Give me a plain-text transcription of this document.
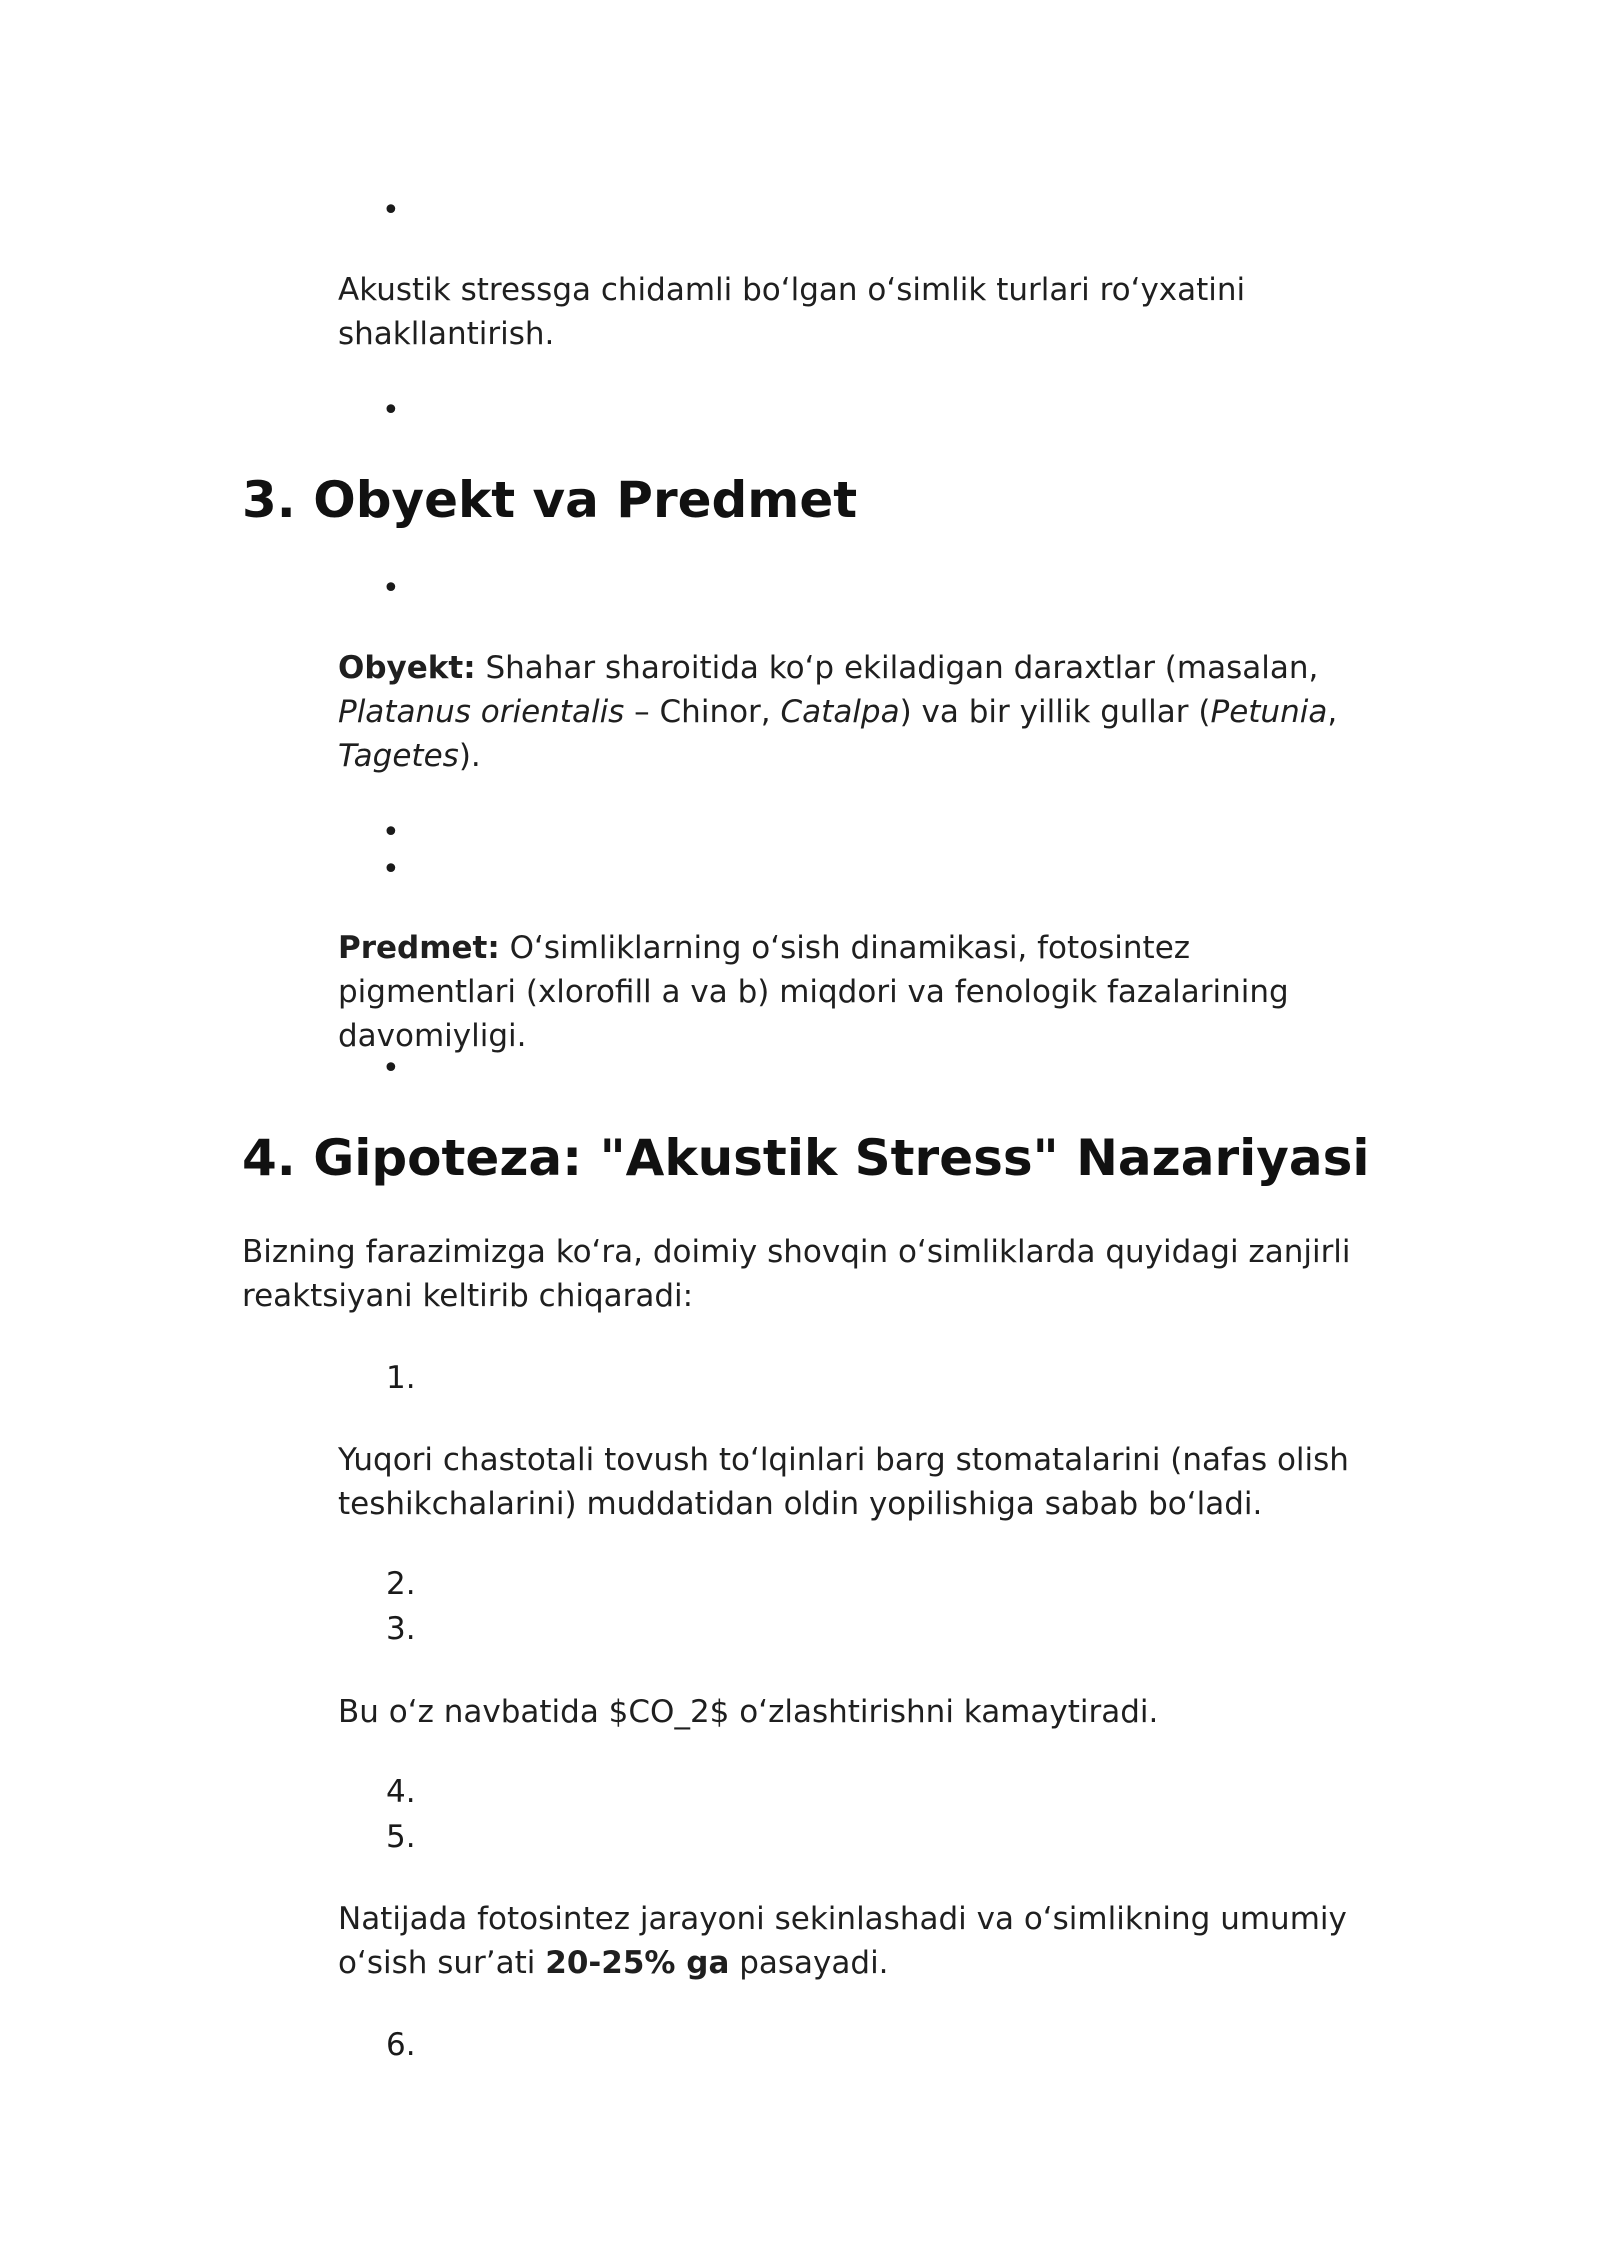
•
Akustik stressga chidamli boʻlgan oʻsimlik turlari roʻyxatini shakllantirish.
•
3. Obyekt va Predmet
•
Obyekt: Shahar sharoitida koʻp ekiladigan daraxtlar (masalan, Platanus orientalis – Chinor, Catalpa) va bir yillik gullar (Petunia, Tagetes).
•
•
Predmet: Oʻsimliklarning oʻsish dinamikasi, fotosintez pigmentlari (xlorofill a va b) miqdori va fenologik fazalarining davomiyligi.
•
4. Gipoteza: "Akustik Stress" Nazariyasi
Bizning farazimizga koʻra, doimiy shovqin oʻsimliklarda quyidagi zanjirli reaktsiyani keltirib chiqaradi:
1.
Yuqori chastotali tovush toʻlqinlari barg stomatalarini (nafas olish teshikchalarini) muddatidan oldin yopilishiga sabab boʻladi.
2.
3.
Bu oʻz navbatida $CO_2$ oʻzlashtirishni kamaytiradi.
4.
5.
Natijada fotosintez jarayoni sekinlashadi va oʻsimlikning umumiy oʻsish surʼati 20-25% ga pasayadi.
6.
